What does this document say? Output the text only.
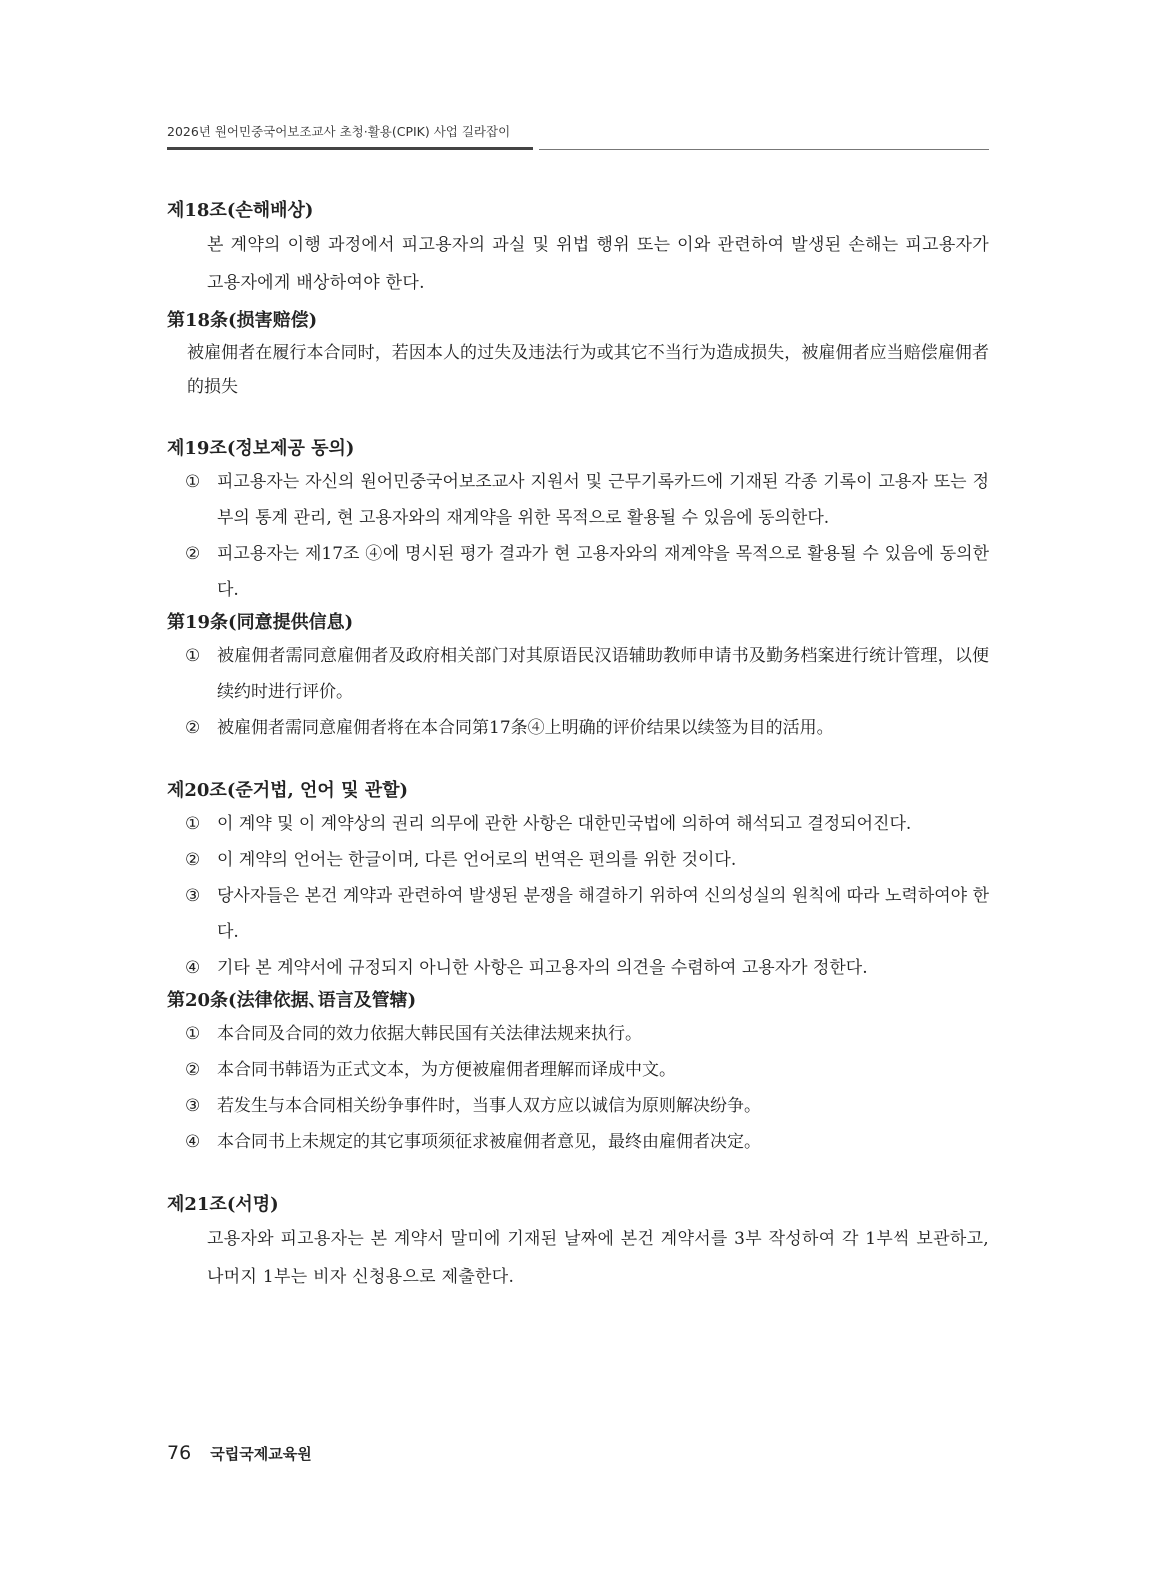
2026년 원어민중국어보조교사 초청·활용(CPIK) 사업 길라잡이
제18조(손해배상)

본 계약의 이행 과정에서 피고용자의 과실 및 위법 행위 또는 이와 관련하여 발생된 손해는 피고용자가 고용자에게 배상하여야 한다.

第18条(损害赔偿)

被雇佣者在履行本合同时，若因本人的过失及违法行为或其它不当行为造成损失，被雇佣者应当赔偿雇佣者的损失

제19조(정보제공 동의)
① 피고용자는 자신의 원어민중국어보조교사 지원서 및 근무기록카드에 기재된 각종 기록이 고용자 또는 정부의 통계 관리, 현 고용자와의 재계약을 위한 목적으로 활용될 수 있음에 동의한다.
② 피고용자는 제17조 ④에 명시된 평가 결과가 현 고용자와의 재계약을 목적으로 활용될 수 있음에 동의한다.
第19条(同意提供信息)
① 被雇佣者需同意雇佣者及政府相关部门对其原语民汉语辅助教师申请书及勤务档案进行统计管理，以便续约时进行评价。
② 被雇佣者需同意雇佣者将在本合同第17条④上明确的评价结果以续签为目的活用。
제20조(준거법, 언어 및 관할)
① 이 계약 및 이 계약상의 권리 의무에 관한 사항은 대한민국법에 의하여 해석되고 결정되어진다.
② 이 계약의 언어는 한글이며, 다른 언어로의 번역은 편의를 위한 것이다.
③ 당사자들은 본건 계약과 관련하여 발생된 분쟁을 해결하기 위하여 신의성실의 원칙에 따라 노력하여야 한다.
④ 기타 본 계약서에 규정되지 아니한 사항은 피고용자의 의견을 수렴하여 고용자가 정한다.
第20条(法律依据､语言及管辖)
① 本合同及合同的效力依据大韩民国有关法律法规来执行。
② 本合同书韩语为正式文本，为方便被雇佣者理解而译成中文。
③ 若发生与本合同相关纷争事件时，当事人双方应以诚信为原则解决纷争。
④ 本合同书上未规定的其它事项须征求被雇佣者意见，最终由雇佣者决定。
제21조(서명)

고용자와 피고용자는 본 계약서 말미에 기재된 날짜에 본건 계약서를 3부 작성하여 각 1부씩 보관하고, 나머지 1부는 비자 신청용으로 제출한다.

76 국립국제교육원
